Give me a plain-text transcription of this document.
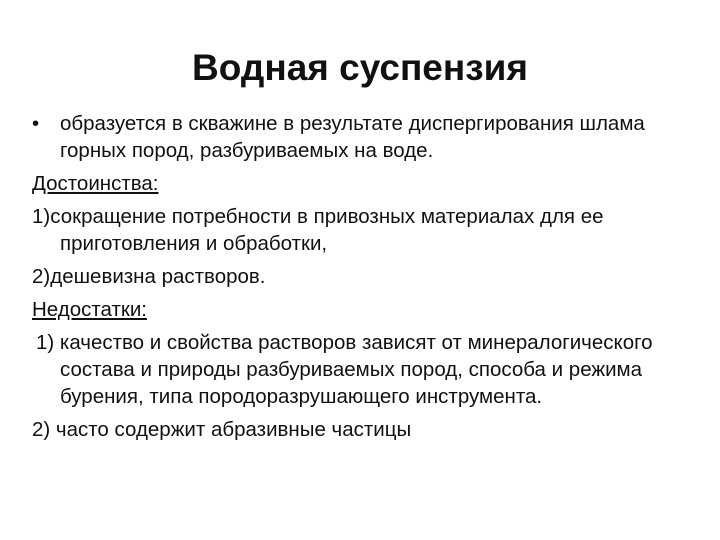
Водная суспензия

• образуется в скважине в результате диспергирования шлама горных пород, разбуриваемых на воде.

Достоинства:

1)сокращение потребности в привозных материалах для ее приготовления и обработки,

2)дешевизна растворов.

Недостатки:

1) качество и свойства растворов зависят от минералогического состава и природы разбуриваемых пород, способа и режима бурения, типа породоразрушающего инструмента.

2) часто содержит абразивные частицы
